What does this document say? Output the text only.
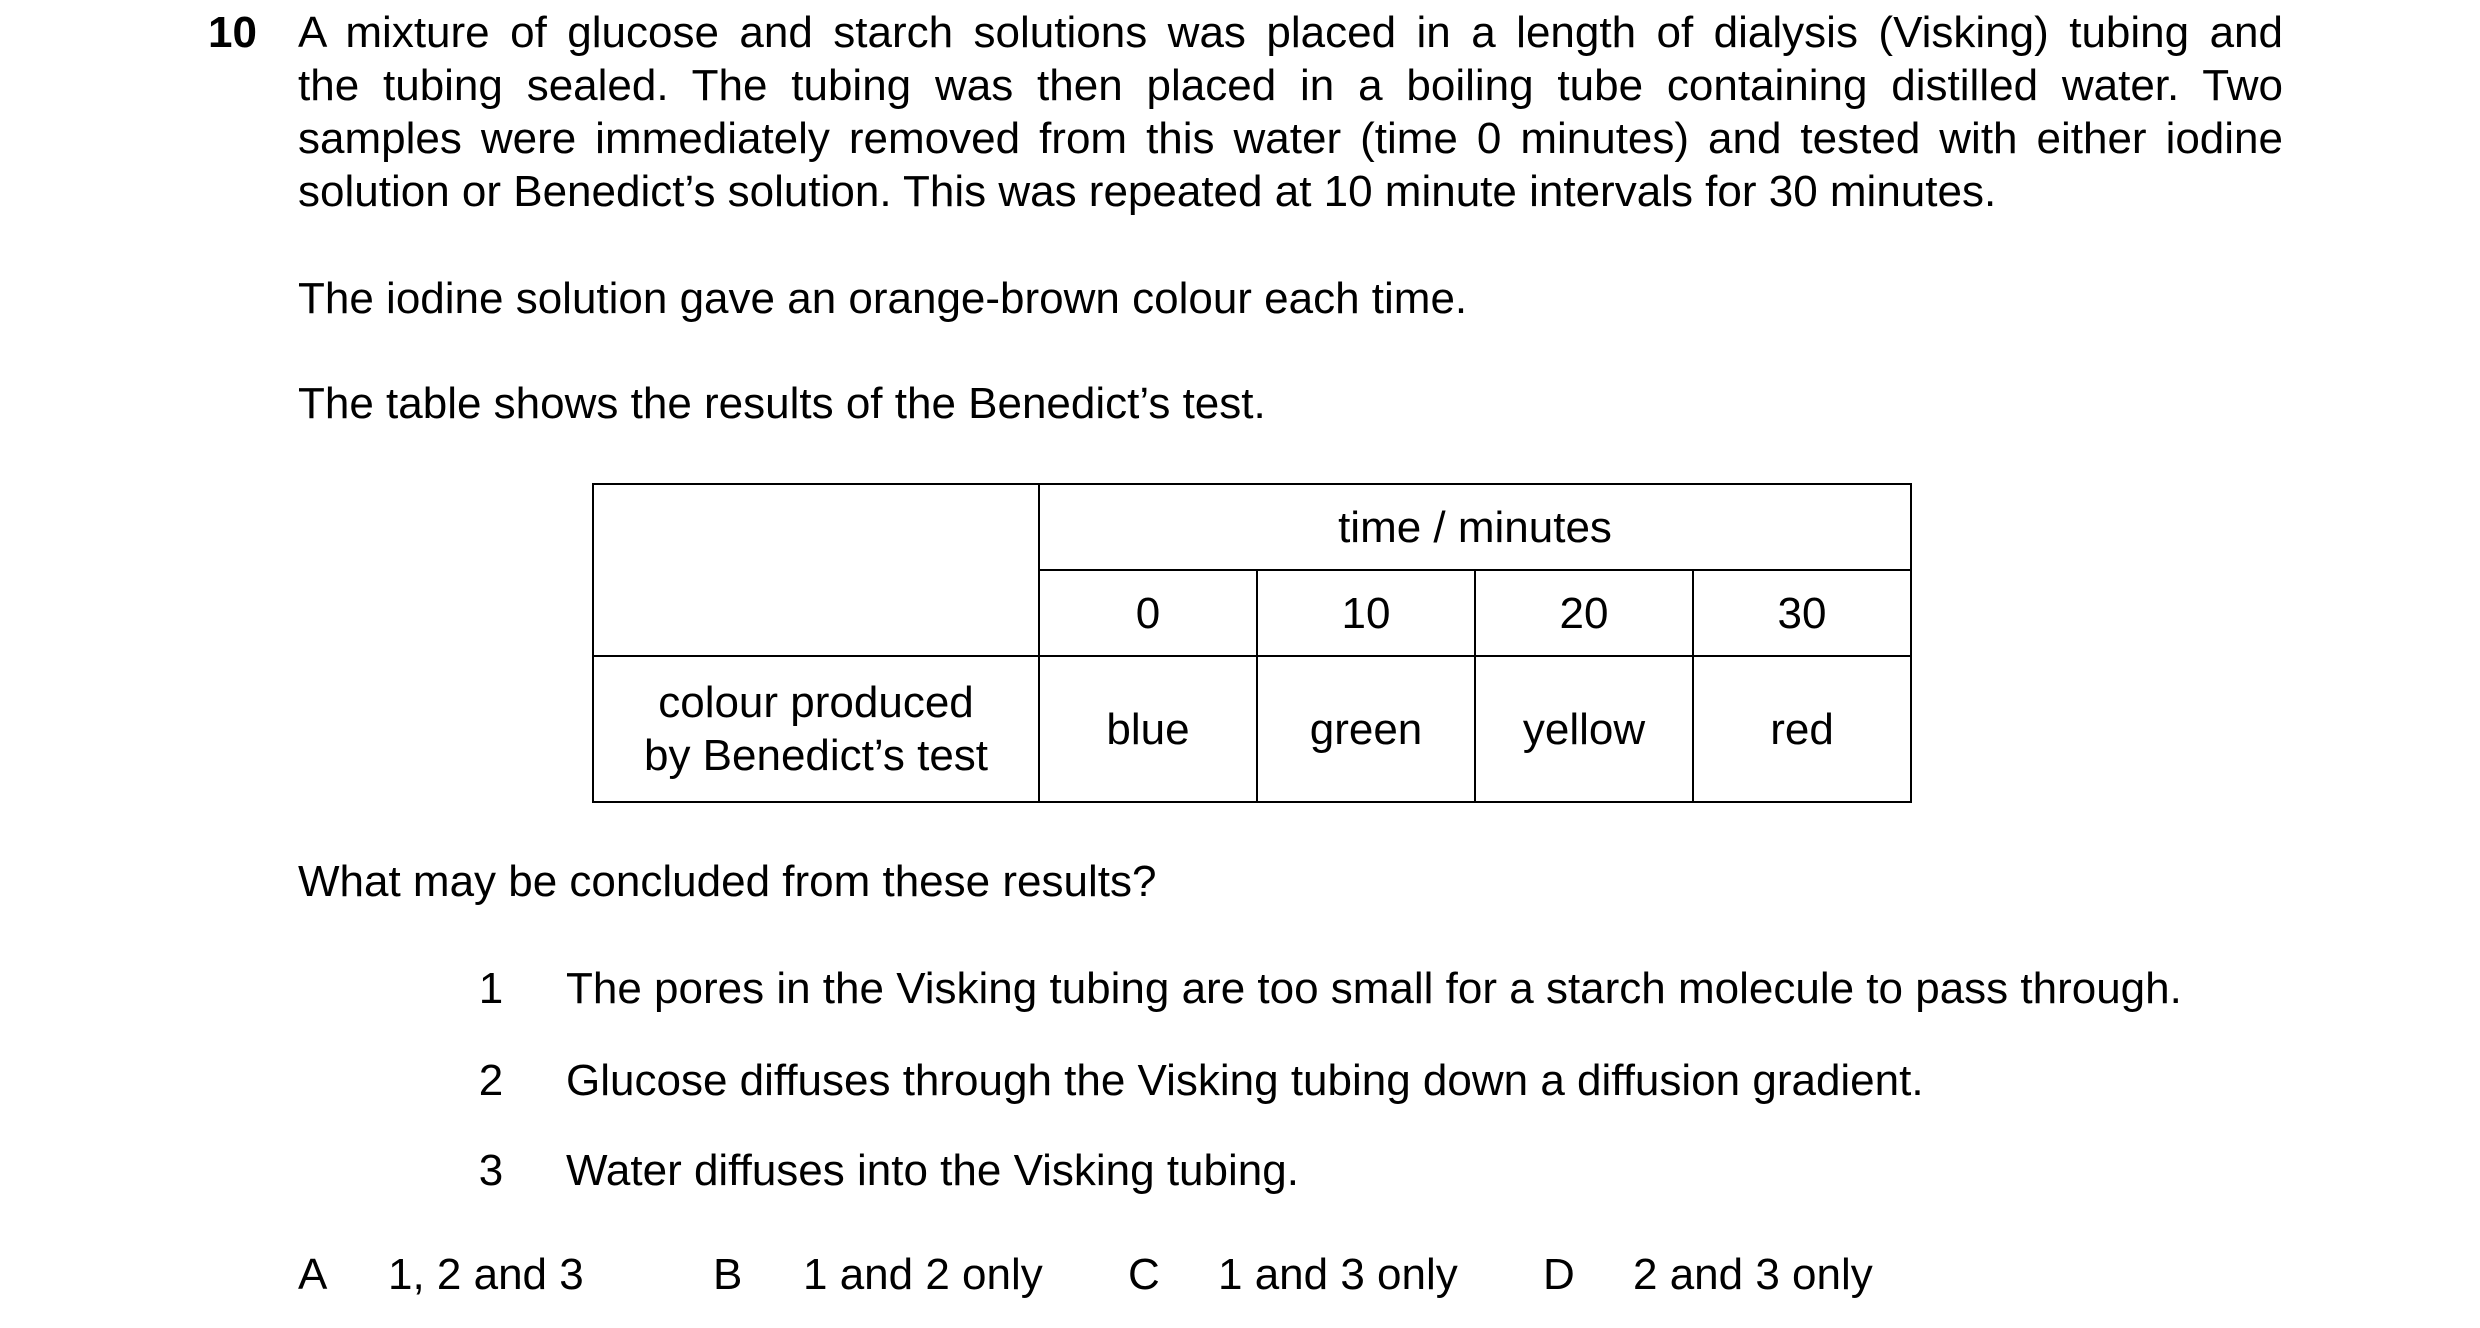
10 A mixture of glucose and starch solutions was placed in a length of dialysis (Visking) tubing and
the tubing sealed. The tubing was then placed in a boiling tube containing distilled water. Two
samples were immediately removed from this water (time 0 minutes) and tested with either iodine
solution or Benedict’s solution. This was repeated at 10 minute intervals for 30 minutes.
The iodine solution gave an orange-brown colour each time.
The table shows the results of the Benedict’s test.
	time / minutes			
	0	10	20	30

colour produced
by Benedict’s test	blue	green	yellow	red
What may be concluded from these results?
1 The pores in the Visking tubing are too small for a starch molecule to pass through.
2 Glucose diffuses through the Visking tubing down a diffusion gradient.
3 Water diffuses into the Visking tubing.
A 1, 2 and 3	B 1 and 2 only C 1 and 3 only D 2 and 3 only
